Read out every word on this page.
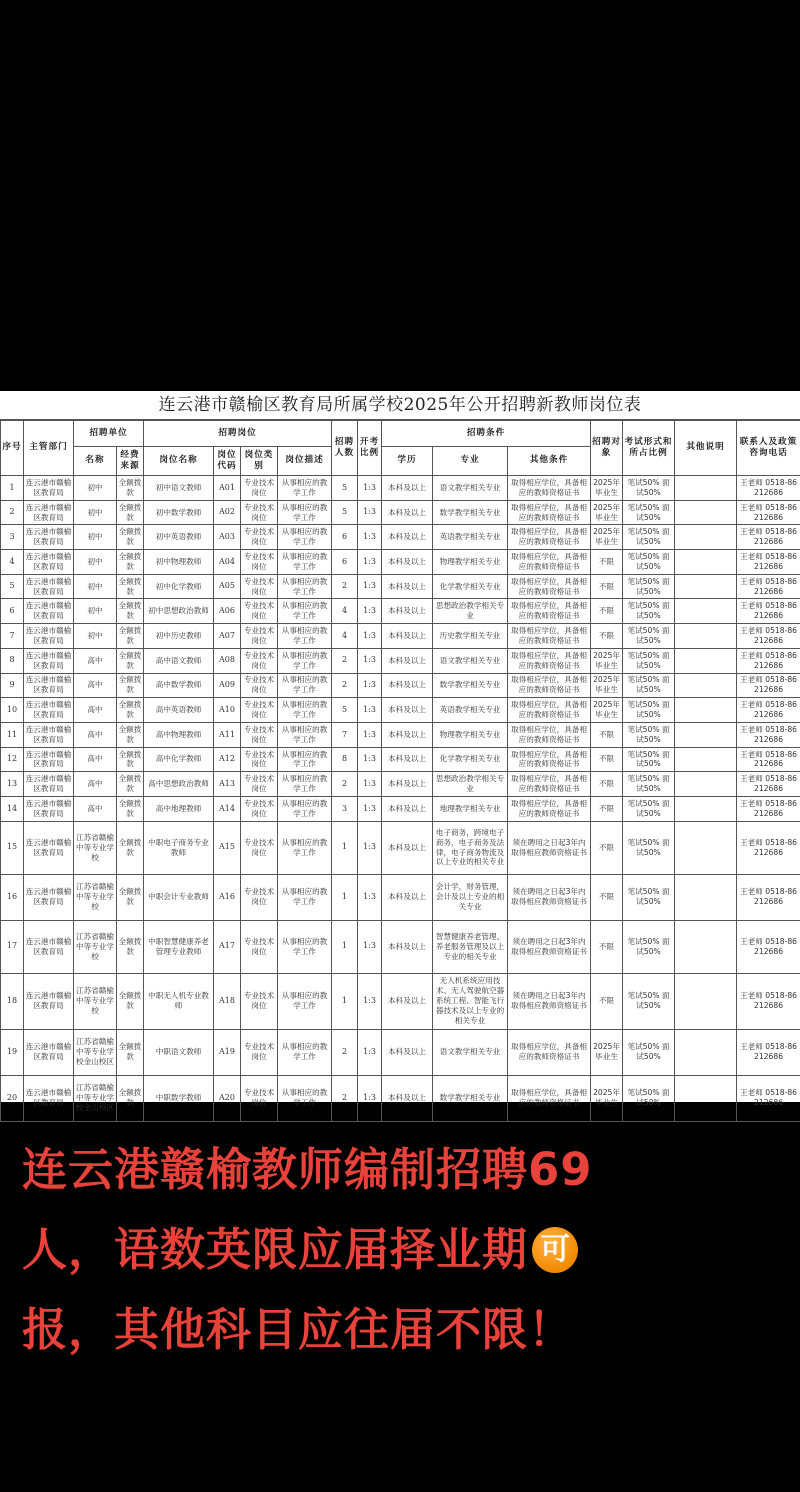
连云港市赣榆区教育局所属学校2025年公开招聘新教师岗位表
序号	主管部门	招聘单位		招聘岗位				招聘人数	开考比例	招聘条件			招聘对象	考试形式和所占比例	其他说明	联系人及政策咨询电话
		名称	经费来源	岗位名称	岗位代码	岗位类别	岗位描述			学历	专业	其他条件				
1	连云港市赣榆区教育局	初中	全额拨款	初中语文教师	A01	专业技术岗位	从事相应的教学工作	5	1:3	本科及以上	语文教学相关专业	取得相应学位，具备相应的教师资格证书	2025年毕业生	笔试50% 面试50%		王老师 0518-86212686
2	连云港市赣榆区教育局	初中	全额拨款	初中数学教师	A02	专业技术岗位	从事相应的教学工作	5	1:3	本科及以上	数学教学相关专业	取得相应学位，具备相应的教师资格证书	2025年毕业生	笔试50% 面试50%		王老师 0518-86212686
3	连云港市赣榆区教育局	初中	全额拨款	初中英语教师	A03	专业技术岗位	从事相应的教学工作	6	1:3	本科及以上	英语教学相关专业	取得相应学位，具备相应的教师资格证书	2025年毕业生	笔试50% 面试50%		王老师 0518-86212686
4	连云港市赣榆区教育局	初中	全额拨款	初中物理教师	A04	专业技术岗位	从事相应的教学工作	6	1:3	本科及以上	物理教学相关专业	取得相应学位，具备相应的教师资格证书	不限	笔试50% 面试50%		王老师 0518-86212686
5	连云港市赣榆区教育局	初中	全额拨款	初中化学教师	A05	专业技术岗位	从事相应的教学工作	2	1:3	本科及以上	化学教学相关专业	取得相应学位，具备相应的教师资格证书	不限	笔试50% 面试50%		王老师 0518-86212686
6	连云港市赣榆区教育局	初中	全额拨款	初中思想政治教师	A06	专业技术岗位	从事相应的教学工作	4	1:3	本科及以上	思想政治教学相关专业	取得相应学位，具备相应的教师资格证书	不限	笔试50% 面试50%		王老师 0518-86212686
7	连云港市赣榆区教育局	初中	全额拨款	初中历史教师	A07	专业技术岗位	从事相应的教学工作	4	1:3	本科及以上	历史教学相关专业	取得相应学位，具备相应的教师资格证书	不限	笔试50% 面试50%		王老师 0518-86212686
8	连云港市赣榆区教育局	高中	全额拨款	高中语文教师	A08	专业技术岗位	从事相应的教学工作	2	1:3	本科及以上	语文教学相关专业	取得相应学位，具备相应的教师资格证书	2025年毕业生	笔试50% 面试50%		王老师 0518-86212686
9	连云港市赣榆区教育局	高中	全额拨款	高中数学教师	A09	专业技术岗位	从事相应的教学工作	2	1:3	本科及以上	数学教学相关专业	取得相应学位，具备相应的教师资格证书	2025年毕业生	笔试50% 面试50%		王老师 0518-86212686
10	连云港市赣榆区教育局	高中	全额拨款	高中英语教师	A10	专业技术岗位	从事相应的教学工作	5	1:3	本科及以上	英语教学相关专业	取得相应学位，具备相应的教师资格证书	2025年毕业生	笔试50% 面试50%		王老师 0518-86212686
11	连云港市赣榆区教育局	高中	全额拨款	高中物理教师	A11	专业技术岗位	从事相应的教学工作	7	1:3	本科及以上	物理教学相关专业	取得相应学位，具备相应的教师资格证书	不限	笔试50% 面试50%		王老师 0518-86212686
12	连云港市赣榆区教育局	高中	全额拨款	高中化学教师	A12	专业技术岗位	从事相应的教学工作	8	1:3	本科及以上	化学教学相关专业	取得相应学位，具备相应的教师资格证书	不限	笔试50% 面试50%		王老师 0518-86212686
13	连云港市赣榆区教育局	高中	全额拨款	高中思想政治教师	A13	专业技术岗位	从事相应的教学工作	2	1:3	本科及以上	思想政治教学相关专业	取得相应学位，具备相应的教师资格证书	不限	笔试50% 面试50%		王老师 0518-86212686
14	连云港市赣榆区教育局	高中	全额拨款	高中地理教师	A14	专业技术岗位	从事相应的教学工作	3	1:3	本科及以上	地理教学相关专业	取得相应学位，具备相应的教师资格证书	不限	笔试50% 面试50%		王老师 0518-86212686
15	连云港市赣榆区教育局	江苏省赣榆中等专业学校	全额拨款	中职电子商务专业教师	A15	专业技术岗位	从事相应的教学工作	1	1:3	本科及以上	电子商务，跨境电子商务，电子商务及法律，电子商务物流及以上专业的相关专业	须在聘用之日起3年内取得相应教师资格证书	不限	笔试50% 面试50%		王老师 0518-86212686
16	连云港市赣榆区教育局	江苏省赣榆中等专业学校	全额拨款	中职会计专业教师	A16	专业技术岗位	从事相应的教学工作	1	1:3	本科及以上	会计学，财务管理，会计及以上专业的相关专业	须在聘用之日起3年内取得相应教师资格证书	不限	笔试50% 面试50%		王老师 0518-86212686
17	连云港市赣榆区教育局	江苏省赣榆中等专业学校	全额拨款	中职智慧健康养老管理专业教师	A17	专业技术岗位	从事相应的教学工作	1	1:3	本科及以上	智慧健康养老管理、养老服务管理及以上专业的相关专业	须在聘用之日起3年内取得相应教师资格证书	不限	笔试50% 面试50%		王老师 0518-86212686
18	连云港市赣榆区教育局	江苏省赣榆中等专业学校	全额拨款	中职无人机专业教师	A18	专业技术岗位	从事相应的教学工作	1	1:3	本科及以上	无人机系统应用技术、无人驾驶航空器系统工程、智能飞行器技术及以上专业的相关专业	须在聘用之日起3年内取得相应教师资格证书	不限	笔试50% 面试50%		王老师 0518-86212686
19	连云港市赣榆区教育局	江苏省赣榆中等专业学校金山校区	全额拨款	中职语文教师	A19	专业技术岗位	从事相应的教学工作	2	1:3	本科及以上	语文教学相关专业	取得相应学位，具备相应的教师资格证书	2025年毕业生	笔试50% 面试50%		王老师 0518-86212686
20	连云港市赣榆区教育局	江苏省赣榆中等专业学校金山校区	全额拨款	中职数学教师	A20	专业技术岗位	从事相应的教学工作	2	1:3	本科及以上	数学教学相关专业	取得相应学位，具备相应的教师资格证书	2025年毕业生	笔试50% 面试50%		王老师 0518-86212686
连云港赣榆教师编制招聘69
人，语数英限应届择业期 可
报，其他科目应往届不限！
